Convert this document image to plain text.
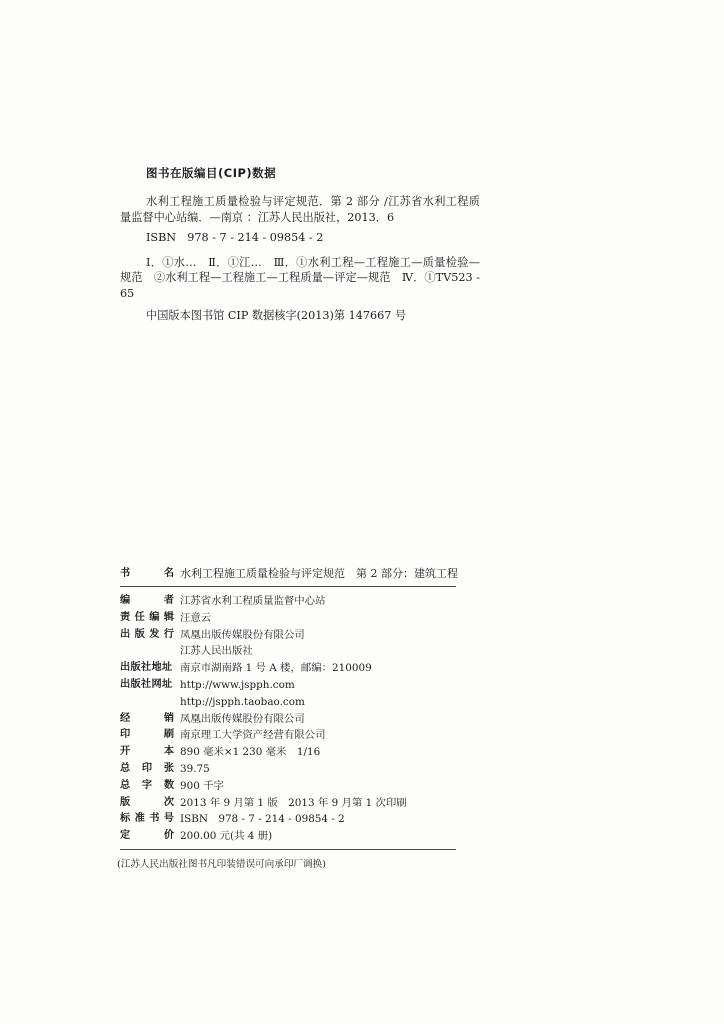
图书在版编目(CIP)数据

水利工程施工质量检验与评定规范．第 2 部分 /江苏省水利工程质量监督中心站编．—南京 ：江苏人民出版社，2013．6

ISBN　978 - 7 - 214 - 09854 - 2

Ⅰ．①水…　Ⅱ．①江…　Ⅲ．①水利工程—工程施工—质量检验—规范　②水利工程—工程施工—工程质量—评定—规范　Ⅳ．①TV523 - 65

中国版本图书馆 CIP 数据核字(2013)第 147667 号
书	名 水利工程施工质量检验与评定规范　第 2 部分：建筑工程
编	者 江苏省水利工程质量监督中心站
责 任 编 辑 汪意云
出 版 发 行 凤凰出版传媒股份有限公司
江苏人民出版社
出版社地址 南京市湖南路 1 号 A 楼，邮编：210009
出版社网址 http://www.jspph.com
http://jspph.taobao.com
经	销 凤凰出版传媒股份有限公司
印	刷 南京理工大学资产经营有限公司
开	本 890 毫米×1 230 毫米　1/16
总 印 张 39.75
总 字 数 900 千字
版	次 2013 年 9 月第 1 版　2013 年 9 月第 1 次印刷
标 准 书 号 ISBN　978 - 7 - 214 - 09854 - 2
定	价 200.00 元(共 4 册)
(江苏人民出版社图书凡印装错误可向承印厂调换)
